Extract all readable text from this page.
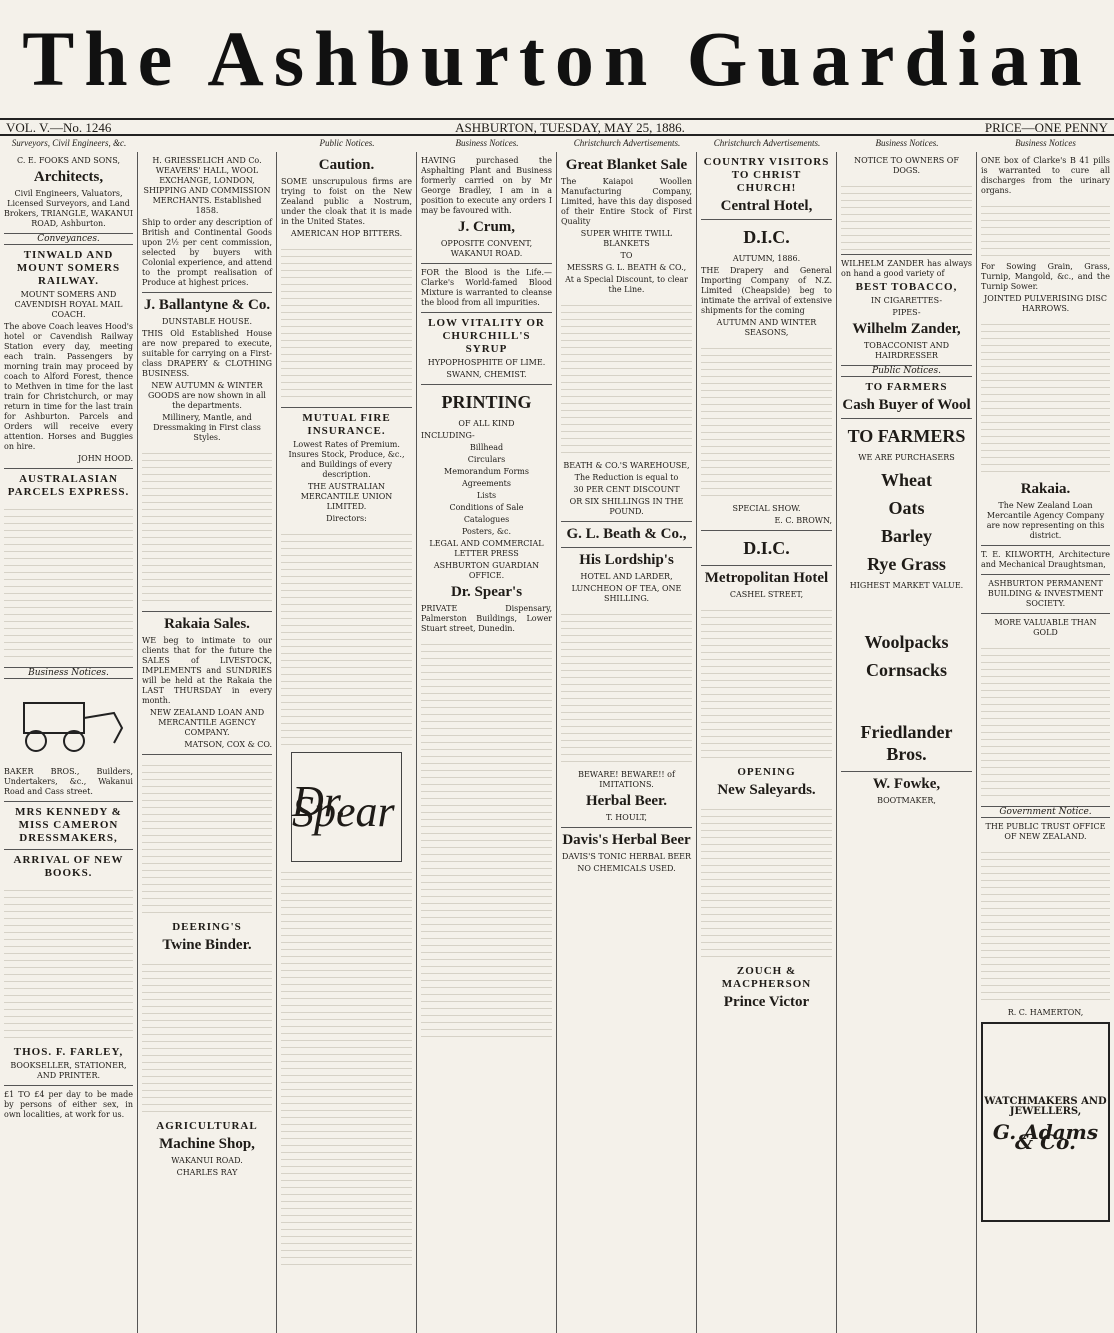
The Ashburton Guardian
VOL. V.—No. 1246	ASHBURTON, TUESDAY, MAY 25, 1886.	PRICE—ONE PENNY
Surveyors, Civil Engineers, &c.	Public Notices.	Business Notices.	Christchurch Advertisements.	Christchurch Advertisements.	Business Notices.	Business Notices

C. E. FOOKS AND SONS,

Architects,

Civil Engineers, Valuators, Licensed Surveyors, and Land Brokers, TRIANGLE, WAKANUI ROAD, Ashburton.

Conveyances.
TINWALD AND MOUNT SOMERS RAILWAY.

MOUNT SOMERS AND CAVENDISH ROYAL MAIL COACH.

The above Coach leaves Hood's hotel or Cavendish Railway Station every day, meeting each train. Passengers by morning train may proceed by coach to Alford Forest, thence to Methven in time for the last train for Christchurch, or may return in time for the last train for Ashburton. Parcels and Orders will receive every attention. Horses and Buggies on hire.

JOHN HOOD.

AUSTRALASIAN PARCELS EXPRESS.
Business Notices.

BAKER BROS., Builders, Undertakers, &c., Wakanui Road and Cass street.

MRS KENNEDY & MISS CAMERON DRESSMAKERS,
ARRIVAL OF NEW BOOKS.
THOS. F. FARLEY,

BOOKSELLER, STATIONER, AND PRINTER.

£1 TO £4 per day to be made by persons of either sex, in own localities, at work for us.

H. GRIESSELICH AND Co. WEAVERS' HALL, WOOL EXCHANGE, LONDON, SHIPPING AND COMMISSION MERCHANTS. Established 1858.

Ship to order any description of British and Continental Goods upon 2½ per cent commission, selected by buyers with Colonial experience, and attend to the prompt realisation of Produce at highest prices.

J. Ballantyne & Co.

DUNSTABLE HOUSE.

THIS Old Established House are now prepared to execute, suitable for carrying on a First-class DRAPERY & CLOTHING BUSINESS.

NEW AUTUMN & WINTER GOODS are now shown in all the departments.

Millinery, Mantle, and Dressmaking in First class Styles.

Rakaia Sales.

WE beg to intimate to our clients that for the future the SALES of LIVESTOCK, IMPLEMENTS and SUNDRIES will be held at the Rakaia the LAST THURSDAY in every month.

NEW ZEALAND LOAN AND MERCANTILE AGENCY COMPANY.

MATSON, COX & CO.

DEERING'S
Twine Binder.
AGRICULTURAL
Machine Shop,

WAKANUI ROAD.

CHARLES RAY

Caution.

SOME unscrupulous firms are trying to foist on the New Zealand public a Nostrum, under the cloak that it is made in the United States.

AMERICAN HOP BITTERS.

MUTUAL FIRE INSURANCE.

Lowest Rates of Premium. Insures Stock, Produce, &c., and Buildings of every description.

THE AUSTRALIAN MERCANTILE UNION LIMITED.

Directors:

Dr. Spear

HAVING purchased the Asphalting Plant and Business formerly carried on by Mr George Bradley, I am in a position to execute any orders I may be favoured with.

J. Crum,

OPPOSITE CONVENT, WAKANUI ROAD.

FOR the Blood is the Life.—Clarke's World-famed Blood Mixture is warranted to cleanse the blood from all impurities.

LOW VITALITY OR CHURCHILL'S SYRUP

HYPOPHOSPHITE OF LIME.

SWANN, CHEMIST.

PRINTING

OF ALL KIND

INCLUDING-

Billhead

Circulars

Memorandum Forms

Agreements

Lists

Conditions of Sale

Catalogues

Posters, &c.

LEGAL AND COMMERCIAL LETTER PRESS

ASHBURTON GUARDIAN OFFICE.

Dr. Spear's

PRIVATE Dispensary, Palmerston Buildings, Lower Stuart street, Dunedin.

Great Blanket Sale

The Kaiapoi Woollen Manufacturing Company, Limited, have this day disposed of their Entire Stock of First Quality

SUPER WHITE TWILL BLANKETS

TO

MESSRS G. L. BEATH & CO.,

At a Special Discount, to clear the Line.

BEATH & CO.'S WAREHOUSE,

The Reduction is equal to

30 PER CENT DISCOUNT

OR SIX SHILLINGS IN THE POUND.

G. L. Beath & Co.,
His Lordship's

HOTEL AND LARDER,

LUNCHEON OF TEA, ONE SHILLING.

BEWARE! BEWARE!! of IMITATIONS.

Herbal Beer.

T. HOULT,

Davis's Herbal Beer

DAVIS'S TONIC HERBAL BEER

NO CHEMICALS USED.

COUNTRY VISITORS TO CHRIST CHURCH!
Central Hotel,
D.I.C.

AUTUMN, 1886.

THE Drapery and General Importing Company of N.Z. Limited (Cheapside) beg to intimate the arrival of extensive shipments for the coming

AUTUMN AND WINTER SEASONS,

SPECIAL SHOW.

E. C. BROWN,

D.I.C.
Metropolitan Hotel

CASHEL STREET,

OPENING
New Saleyards.
ZOUCH & MACPHERSON
Prince Victor

NOTICE TO OWNERS OF DOGS.

WILHELM ZANDER has always on hand a good variety of

BEST TOBACCO,

IN CIGARETTES-

PIPES-

Wilhelm Zander,

TOBACCONIST AND HAIRDRESSER

Public Notices.
TO FARMERS
Cash Buyer of Wool
TO FARMERS

WE ARE PURCHASERS

Wheat
Oats
Barley
Rye Grass

HIGHEST MARKET VALUE.

Woolpacks
Cornsacks
Friedlander Bros.
W. Fowke,

BOOTMAKER,

ONE box of Clarke's B 41 pills is warranted to cure all discharges from the urinary organs.

For Sowing Grain, Grass, Turnip, Mangold, &c., and the Turnip Sower.

JOINTED PULVERISING DISC HARROWS.

Rakaia.

The New Zealand Loan Mercantile Agency Company are now representing on this district.

T. E. KILWORTH, Architecture and Mechanical Draughtsman,

ASHBURTON PERMANENT BUILDING & INVESTMENT SOCIETY.

MORE VALUABLE THAN GOLD

Government Notice.

THE PUBLIC TRUST OFFICE OF NEW ZEALAND.

R. C. HAMERTON,

WATCHMAKERS AND JEWELLERS,

G. Adams & Co.
